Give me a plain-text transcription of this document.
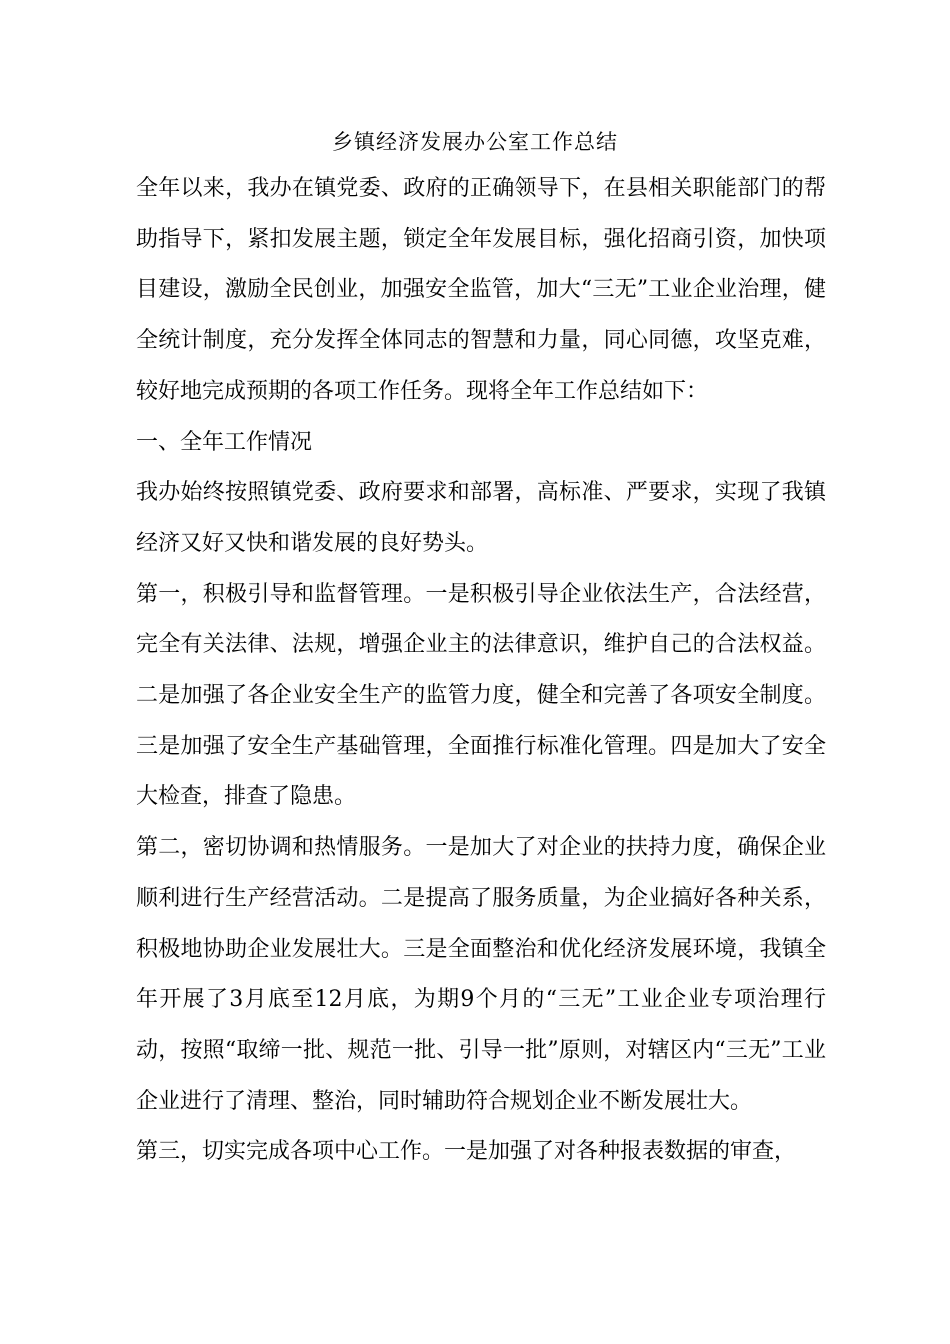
乡镇经济发展办公室工作总结

全年以来，我办在镇党委、政府的正确领导下，在县相关职能部门的帮助指导下，紧扣发展主题，锁定全年发展目标，强化招商引资，加快项目建设，激励全民创业，加强安全监管，加大“三无”工业企业治理，健全统计制度，充分发挥全体同志的智慧和力量，同心同德，攻坚克难，较好地完成预期的各项工作任务。现将全年工作总结如下：

一、全年工作情况

我办始终按照镇党委、政府要求和部署，高标准、严要求，实现了我镇经济又好又快和谐发展的良好势头。

第一，积极引导和监督管理。一是积极引导企业依法生产，合法经营，完全有关法律、法规，增强企业主的法律意识，维护自己的合法权益。二是加强了各企业安全生产的监管力度，健全和完善了各项安全制度。三是加强了安全生产基础管理，全面推行标准化管理。四是加大了安全大检查，排查了隐患。

第二，密切协调和热情服务。一是加大了对企业的扶持力度，确保企业顺利进行生产经营活动。二是提高了服务质量，为企业搞好各种关系，积极地协助企业发展壮大。三是全面整治和优化经济发展环境，我镇全年开展了3月底至12月底，为期9个月的“三无”工业企业专项治理行动，按照“取缔一批、规范一批、引导一批”原则，对辖区内“三无”工业企业进行了清理、整治，同时辅助符合规划企业不断发展壮大。

第三，切实完成各项中心工作。一是加强了对各种报表数据的审查，
